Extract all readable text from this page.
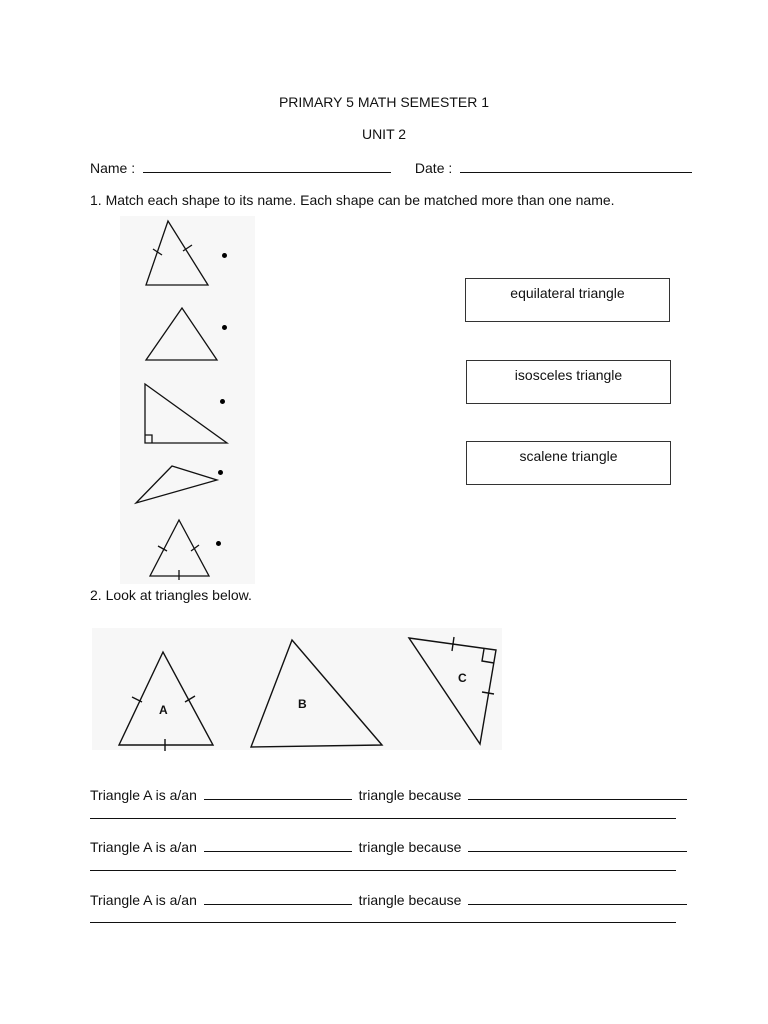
PRIMARY 5 MATH SEMESTER 1
UNIT 2
Name :	Date :
1. Match each shape to its name. Each shape can be matched more than one name.
equilateral triangle
isosceles triangle
scalene triangle
2. Look at triangles below.
A	B
C
Triangle A is a/an	triangle because
Triangle A is a/an	triangle because
Triangle A is a/an	triangle because
